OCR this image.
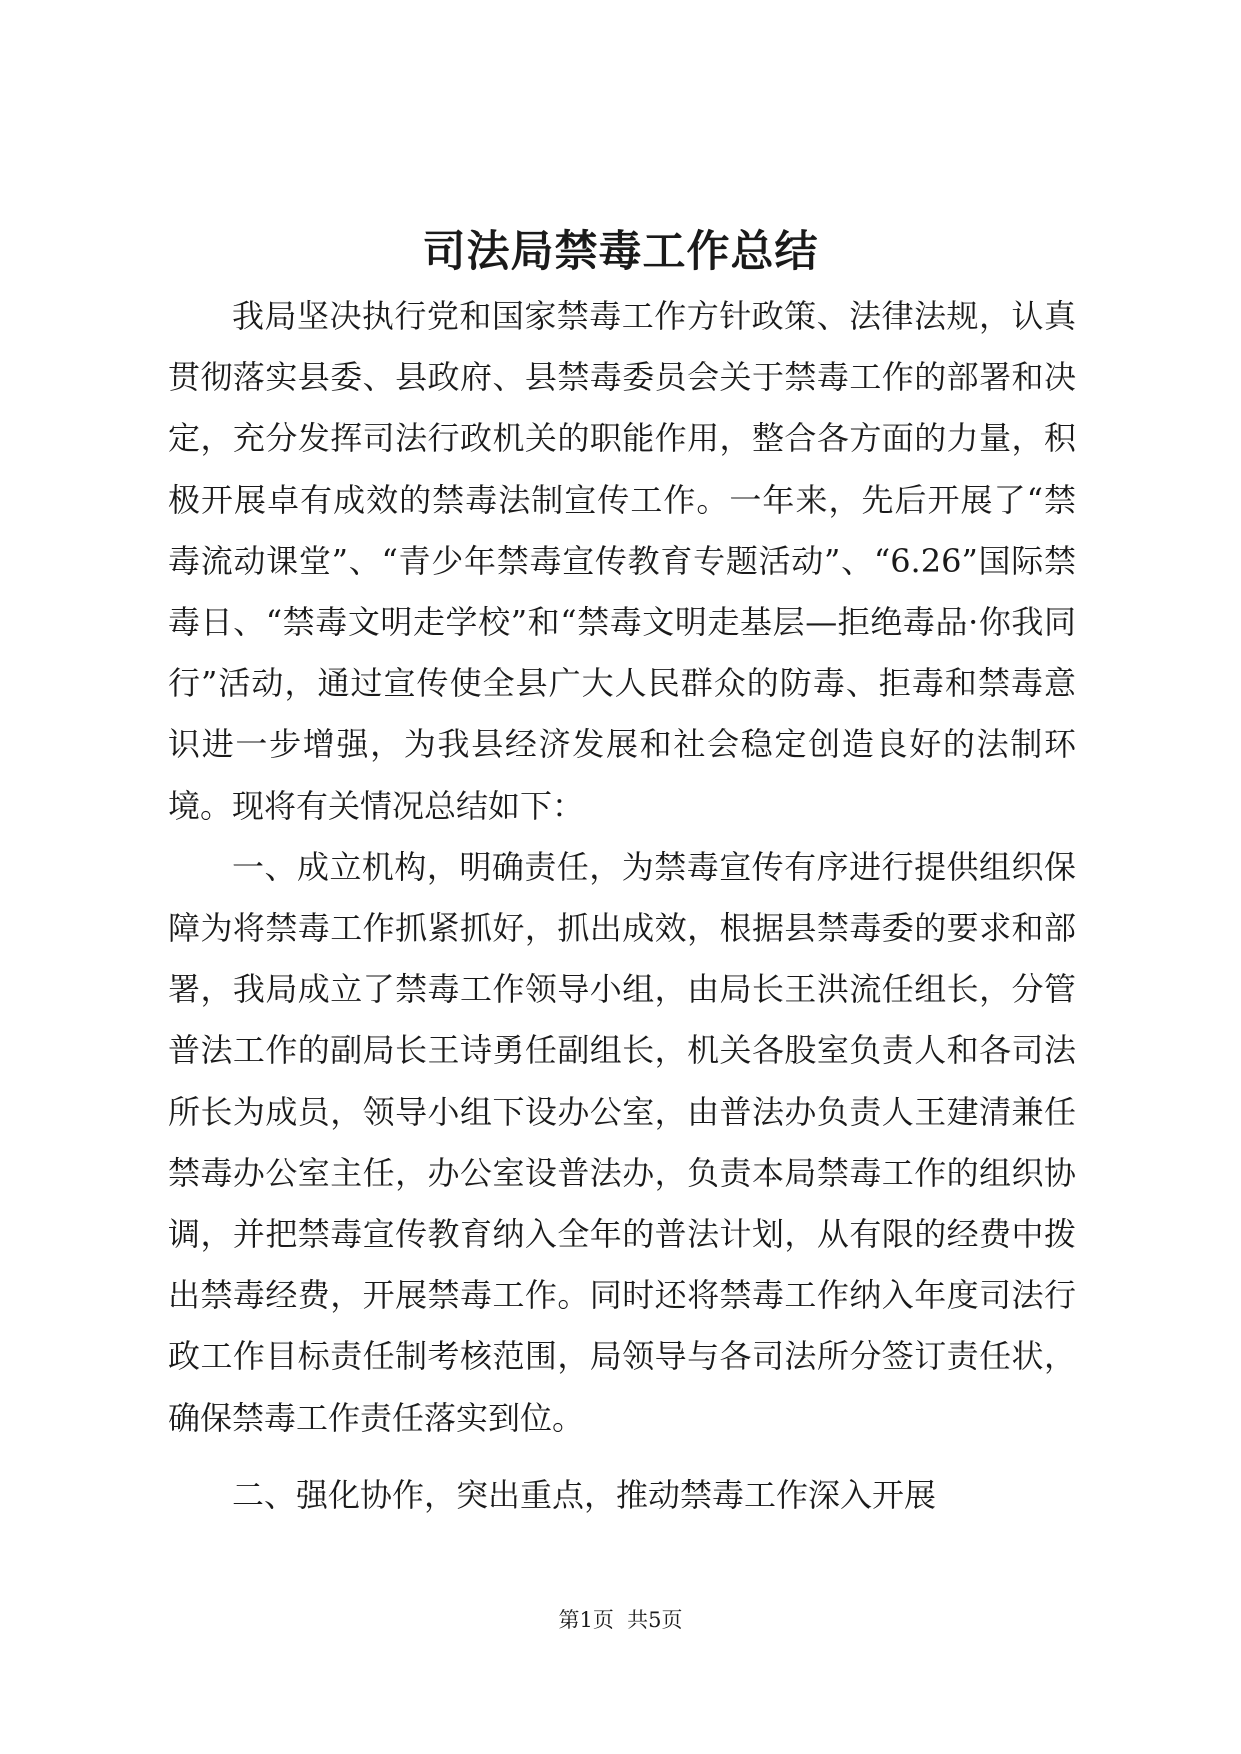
司法局禁毒工作总结

我局坚决执行党和国家禁毒工作方针政策、法律法规，认真贯彻落实县委、县政府、县禁毒委员会关于禁毒工作的部署和决定，充分发挥司法行政机关的职能作用，整合各方面的力量，积极开展卓有成效的禁毒法制宣传工作。一年来，先后开展了“禁毒流动课堂”、“青少年禁毒宣传教育专题活动”、“6.26”国际禁毒日、“禁毒文明走学校”和“禁毒文明走基层—拒绝毒品·你我同行”活动，通过宣传使全县广大人民群众的防毒、拒毒和禁毒意识进一步增强，为我县经济发展和社会稳定创造良好的法制环境。现将有关情况总结如下：

一、成立机构，明确责任，为禁毒宣传有序进行提供组织保障为将禁毒工作抓紧抓好，抓出成效，根据县禁毒委的要求和部署，我局成立了禁毒工作领导小组，由局长王洪流任组长，分管普法工作的副局长王诗勇任副组长，机关各股室负责人和各司法所长为成员，领导小组下设办公室，由普法办负责人王建清兼任禁毒办公室主任，办公室设普法办，负责本局禁毒工作的组织协调，并把禁毒宣传教育纳入全年的普法计划，从有限的经费中拨出禁毒经费，开展禁毒工作。同时还将禁毒工作纳入年度司法行政工作目标责任制考核范围，局领导与各司法所分签订责任状，确保禁毒工作责任落实到位。

二、强化协作，突出重点，推动禁毒工作深入开展

第1页  共5页
